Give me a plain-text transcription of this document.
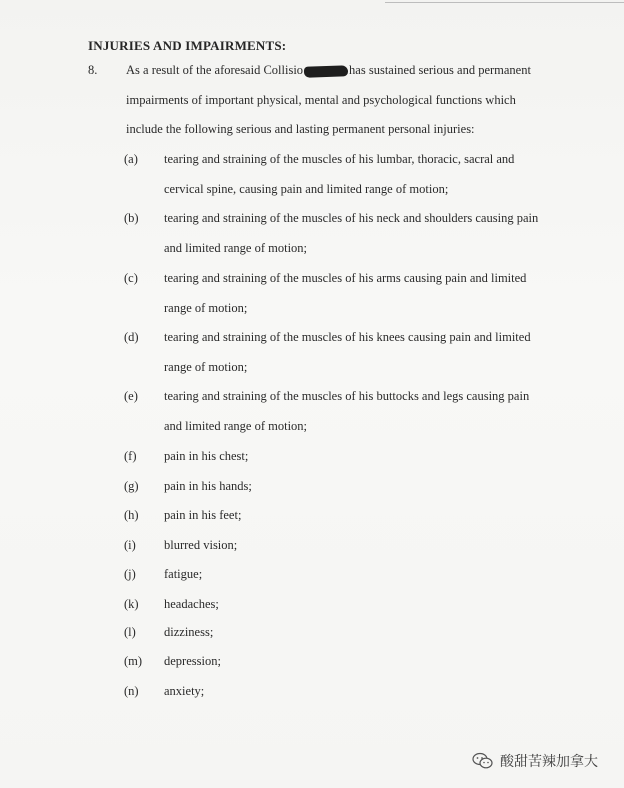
INJURIES AND IMPAIRMENTS:
8. As a result of the aforesaid Collisio	has sustained serious and permanent
impairments of important physical, mental and psychological functions which
include the following serious and lasting permanent personal injuries:
(a)	tearing and straining of the muscles of his lumbar, thoracic, sacral and
cervical spine, causing pain and limited range of motion;
(b)	tearing and straining of the muscles of his neck and shoulders causing pain
and limited range of motion;
(c)	tearing and straining of the muscles of his arms causing pain and limited
range of motion;
(d)	tearing and straining of the muscles of his knees causing pain and limited
range of motion;
(e)	tearing and straining of the muscles of his buttocks and legs causing pain
and limited range of motion;
(f)	pain in his chest;
(g)	pain in his hands;
(h)	pain in his feet;
(i)	blurred vision;
(j)	fatigue;
(k)	headaches;
(l)	dizziness;
(m)	depression;
(n)	anxiety;
酸甜苦辣加拿大
